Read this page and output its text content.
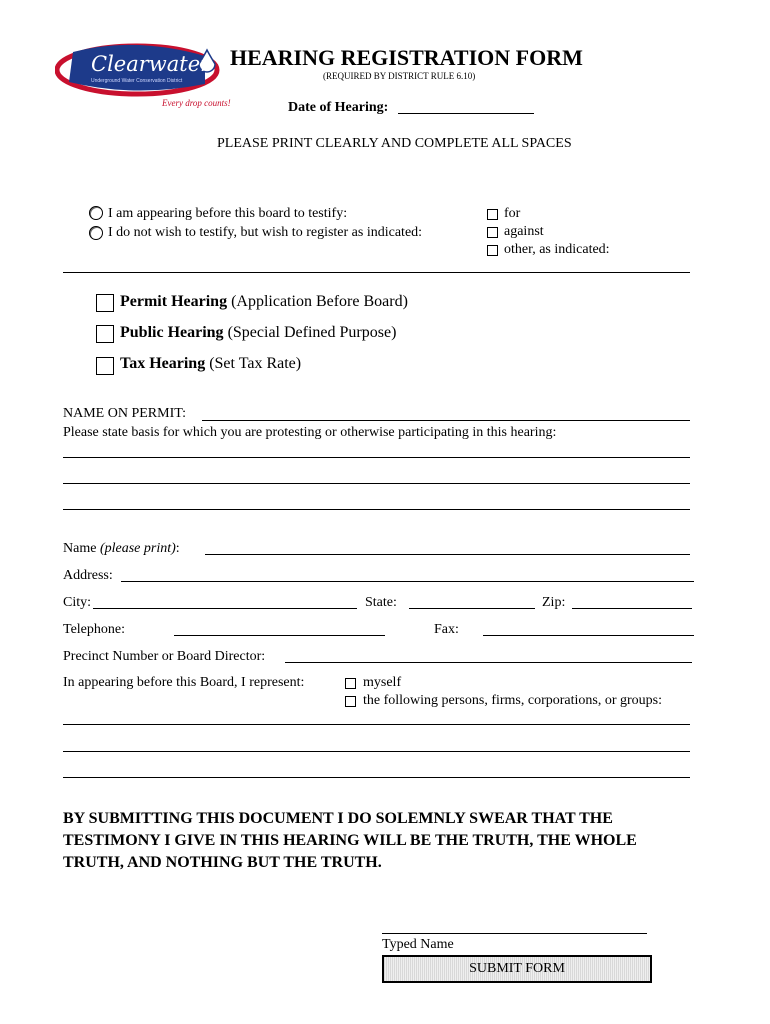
Clearwater
Underground Water Conservation District
Every drop counts!
HEARING REGISTRATION FORM
(REQUIRED BY DISTRICT RULE 6.10)
Date of Hearing:
PLEASE PRINT CLEARLY AND COMPLETE ALL SPACES
I am appearing before this board to testify:
I do not wish to testify, but wish to register as indicated:
for
against
other, as indicated:
Permit Hearing (Application Before Board)
Public Hearing (Special Defined Purpose)
Tax Hearing (Set Tax Rate)
NAME ON PERMIT:
Please state basis for which you are protesting or otherwise participating in this hearing:
Name (please print):
Address:
City:	State:	Zip:
Telephone:	Fax:
Precinct Number or Board Director:
In appearing before this Board, I represent:	myself
the following persons, firms, corporations, or groups:
BY SUBMITTING THIS DOCUMENT I DO SOLEMNLY SWEAR THAT THE TESTIMONY I GIVE IN THIS HEARING WILL BE THE TRUTH, THE WHOLE TRUTH, AND NOTHING BUT THE TRUTH.
Typed Name
SUBMIT FORM
